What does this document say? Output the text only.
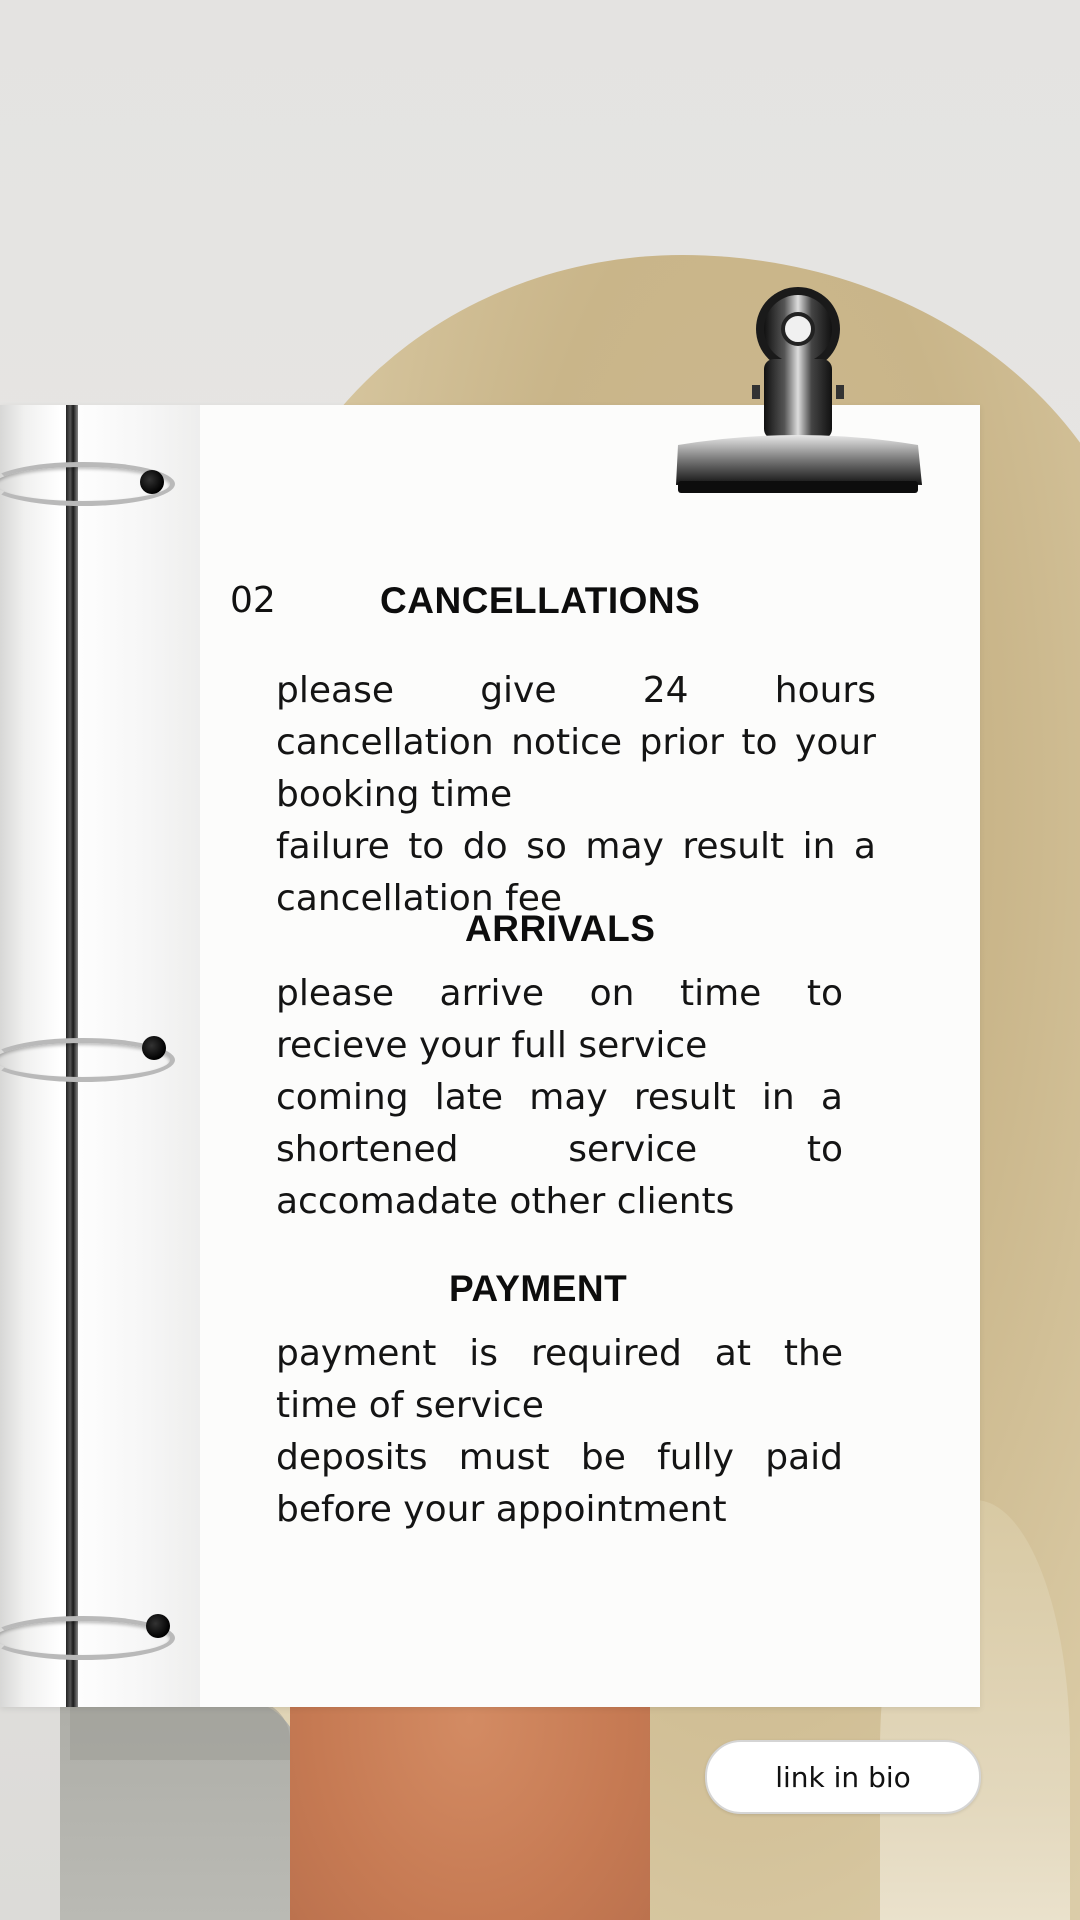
02	CANCELLATIONS

please give 24 hours cancellation notice prior to your booking time

failure to do so may result in a cancellation fee

ARRIVALS

please arrive on time to recieve your full service

coming late may result in a shortened service to accomadate other clients

PAYMENT

payment is required at the time of service

deposits must be fully paid before your appointment

link in bio
